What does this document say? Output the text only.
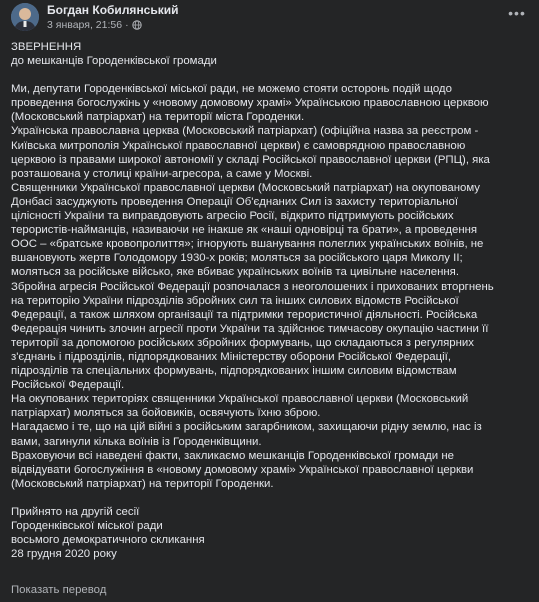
Богдан Кобилянський
3 января, 21:56 ·
•••

ЗВЕРНЕННЯ

до мешканців Городенківської громади

Ми, депутати Городенківської міської ради, не можемо стояти осторонь подій щодо

проведення богослужінь у «новому домовому храмі» Українською православною церквою

(Московський патріархат) на території міста Городенки.

Українська православна церква (Московський патріархат) (офіційна назва за реєстром -

Київська митрополія Української православної церкви) є самоврядною православною

церквою із правами широкої автономії у складі Російської православної церкви (РПЦ), яка

розташована у столиці країни-агресора, а саме у Москві.

Священники Української православної церкви (Московський патріархат) на окупованому

Донбасі засуджують проведення Операції Об'єднаних Сил із захисту територіальної

цілісності України та виправдовують агресію Росії, відкрито підтримують російських

терористів-найманців, називаючи не інакше як «наші одновірці та брати», а проведення

ООС – «братське кровопролиття»; ігнорують вшанування полеглих українських воїнів, не

вшановують жертв Голодомору 1930-х років; моляться за російського царя Миколу ІІ;

моляться за російське військо, яке вбиває українських воїнів та цивільне населення.

Збройна агресія Російської Федерації розпочалася з неоголошених і прихованих вторгнень

на територію України підрозділів збройних сил та інших силових відомств Російської

Федерації, а також шляхом організації та підтримки терористичної діяльності. Російська

Федерація чинить злочин агресії проти України та здійснює тимчасову окупацію частини її

території за допомогою російських збройних формувань, що складаються з регулярних

з'єднань і підрозділів, підпорядкованих Міністерству оборони Російської Федерації,

підрозділів та спеціальних формувань, підпорядкованих іншим силовим відомствам

Російської Федерації.

На окупованих територіях священники Української православної церкви (Московський

патріархат) моляться за бойовиків, освячують їхню зброю.

Нагадаємо і те, що на цій війні з російським загарбником, захищаючи рідну землю, нас із

вами, загинули кілька воїнів із Городенківщини.

Враховуючи всі наведені факти, закликаємо мешканців Городенківської громади не

відвідувати богослужіння в «новому домовому храмі» Української православної церкви

(Московський патріархат) на території Городенки.

Прийнято на другій сесії

Городенківської міської ради

восьмого демократичного скликання

28 грудня 2020 року

Показать перевод
